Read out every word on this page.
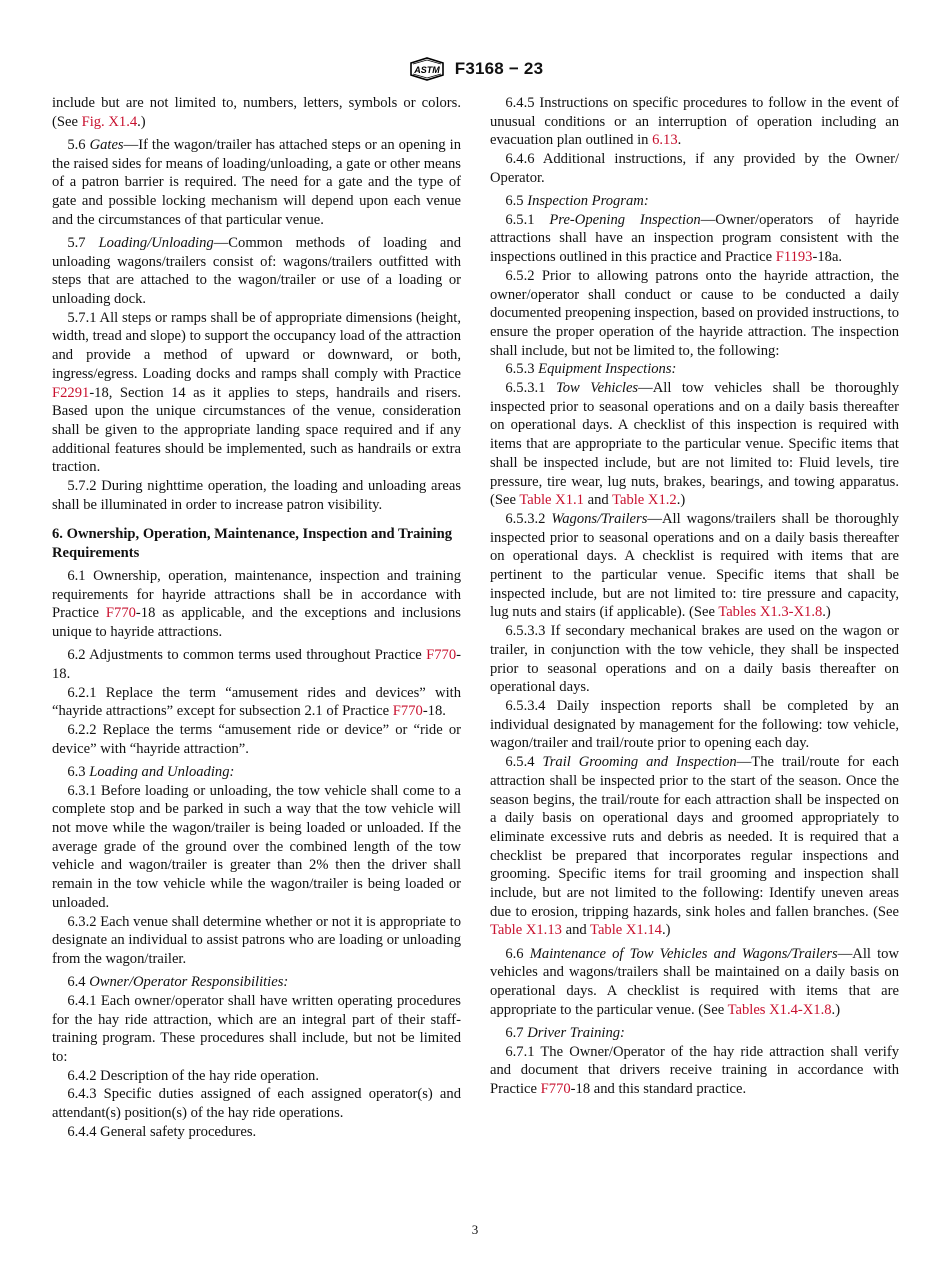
ASTM F3168 − 23

include but are not limited to, numbers, letters, symbols or colors. (See Fig. X1.4.)

5.6 Gates—If the wagon/trailer has attached steps or an opening in the raised sides for means of loading/unloading, a gate or other means of a patron barrier is required. The need for a gate and the type of gate and possible locking mechanism will depend upon each venue and the circumstances of that particular venue.

5.7 Loading/Unloading—Common methods of loading and unloading wagons/trailers consist of: wagons/trailers outfitted with steps that are attached to the wagon/trailer or use of a loading or unloading dock.

5.7.1 All steps or ramps shall be of appropriate dimensions (height, width, tread and slope) to support the occupancy load of the attraction and provide a method of upward or downward, or both, ingress/egress. Loading docks and ramps shall comply with Practice F2291-18, Section 14 as it applies to steps, handrails and risers. Based upon the unique circumstances of the venue, consideration shall be given to the appropriate landing space required and if any additional features should be implemented, such as handrails or extra traction.

5.7.2 During nighttime operation, the loading and unloading areas shall be illuminated in order to increase patron visibility.

6. Ownership, Operation, Maintenance, Inspection and Training Requirements

6.1 Ownership, operation, maintenance, inspection and training requirements for hayride attractions shall be in accordance with Practice F770-18 as applicable, and the exceptions and inclusions unique to hayride attractions.

6.2 Adjustments to common terms used throughout Practice F770-18.

6.2.1 Replace the term “amusement rides and devices” with “hayride attractions” except for subsection 2.1 of Practice F770-18.

6.2.2 Replace the terms “amusement ride or device” or “ride or device” with “hayride attraction”.

6.3 Loading and Unloading:

6.3.1 Before loading or unloading, the tow vehicle shall come to a complete stop and be parked in such a way that the tow vehicle will not move while the wagon/trailer is being loaded or unloaded. If the average grade of the ground over the combined length of the tow vehicle and wagon/trailer is greater than 2% then the driver shall remain in the tow vehicle while the wagon/trailer is being loaded or unloaded.

6.3.2 Each venue shall determine whether or not it is appropriate to designate an individual to assist patrons who are loading or unloading from the wagon/trailer.

6.4 Owner/Operator Responsibilities:

6.4.1 Each owner/operator shall have written operating procedures for the hay ride attraction, which are an integral part of their staff-training program. These procedures shall include, but not be limited to:

6.4.2 Description of the hay ride operation.

6.4.3 Specific duties assigned of each assigned operator(s) and attendant(s) position(s) of the hay ride operations.

6.4.4 General safety procedures.

6.4.5 Instructions on specific procedures to follow in the event of unusual conditions or an interruption of operation including an evacuation plan outlined in 6.13.

6.4.6 Additional instructions, if any provided by the Owner/ Operator.

6.5 Inspection Program:

6.5.1 Pre-Opening Inspection—Owner/operators of hayride attractions shall have an inspection program consistent with the inspections outlined in this practice and Practice F1193-18a.

6.5.2 Prior to allowing patrons onto the hayride attraction, the owner/operator shall conduct or cause to be conducted a daily documented preopening inspection, based on provided instructions, to ensure the proper operation of the hayride attraction. The inspection shall include, but not be limited to, the following:

6.5.3 Equipment Inspections:

6.5.3.1 Tow Vehicles—All tow vehicles shall be thoroughly inspected prior to seasonal operations and on a daily basis thereafter on operational days. A checklist of this inspection is required with items that are appropriate to the particular venue. Specific items that shall be inspected include, but are not limited to: Fluid levels, tire pressure, tire wear, lug nuts, brakes, bearings, and towing apparatus. (See Table X1.1 and Table X1.2.)

6.5.3.2 Wagons/Trailers—All wagons/trailers shall be thoroughly inspected prior to seasonal operations and on a daily basis thereafter on operational days. A checklist is required with items that are pertinent to the particular venue. Specific items that shall be inspected include, but are not limited to: tire pressure and capacity, lug nuts and stairs (if applicable). (See Tables X1.3-X1.8.)

6.5.3.3 If secondary mechanical brakes are used on the wagon or trailer, in conjunction with the tow vehicle, they shall be inspected prior to seasonal operations and on a daily basis thereafter on operational days.

6.5.3.4 Daily inspection reports shall be completed by an individual designated by management for the following: tow vehicle, wagon/trailer and trail/route prior to opening each day.

6.5.4 Trail Grooming and Inspection—The trail/route for each attraction shall be inspected prior to the start of the season. Once the season begins, the trail/route for each attraction shall be inspected on a daily basis on operational days and groomed appropriately to eliminate excessive ruts and debris as needed. It is required that a checklist be prepared that incorporates regular inspections and grooming. Specific items for trail grooming and inspection shall include, but are not limited to the following: Identify uneven areas due to erosion, tripping hazards, sink holes and fallen branches. (See Table X1.13 and Table X1.14.)

6.6 Maintenance of Tow Vehicles and Wagons/Trailers—All tow vehicles and wagons/trailers shall be maintained on a daily basis on operational days. A checklist is required with items that are appropriate to the particular venue. (See Tables X1.4-X1.8.)

6.7 Driver Training:

6.7.1 The Owner/Operator of the hay ride attraction shall verify and document that drivers receive training in accordance with Practice F770-18 and this standard practice.

3
